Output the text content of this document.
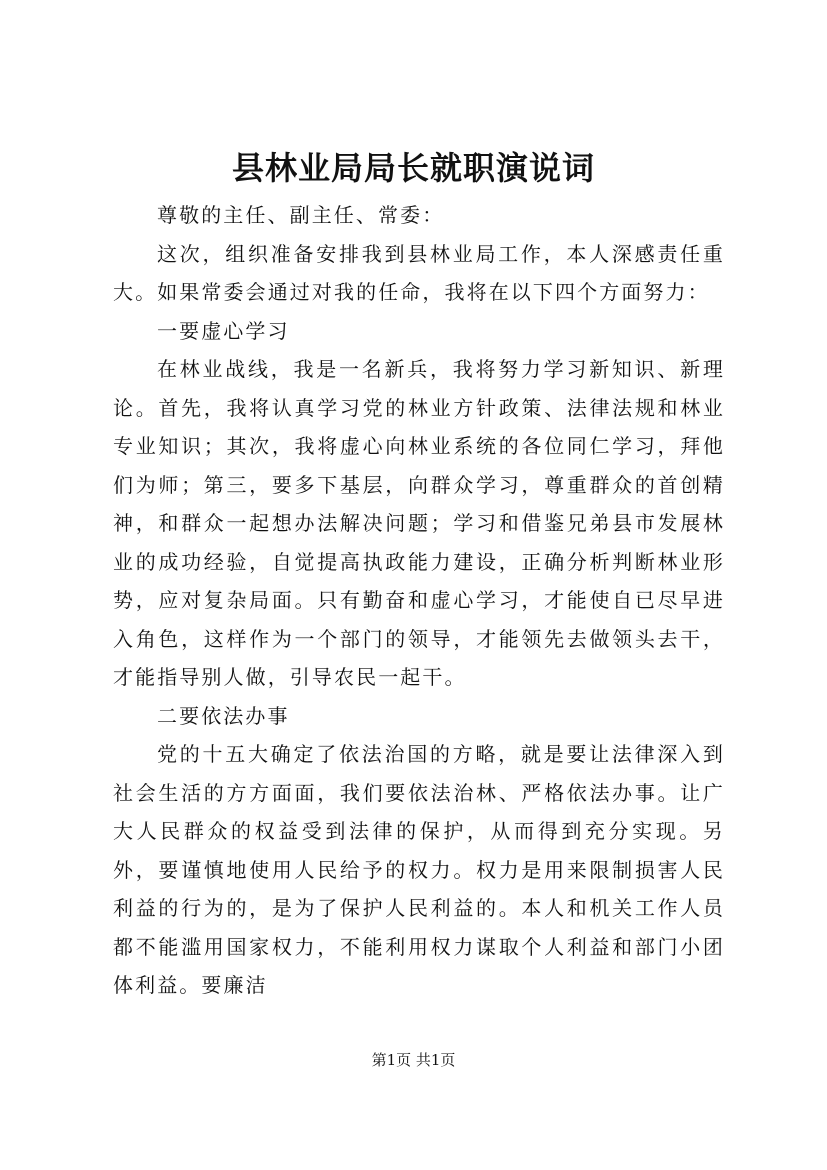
县林业局局长就职演说词

尊敬的主任、副主任、常委：

这次，组织准备安排我到县林业局工作，本人深感责任重大。如果常委会通过对我的任命，我将在以下四个方面努力：

一要虚心学习

在林业战线，我是一名新兵，我将努力学习新知识、新理论。首先，我将认真学习党的林业方针政策、法律法规和林业专业知识；其次，我将虚心向林业系统的各位同仁学习，拜他们为师；第三，要多下基层，向群众学习，尊重群众的首创精神，和群众一起想办法解决问题；学习和借鉴兄弟县市发展林业的成功经验，自觉提高执政能力建设，正确分析判断林业形势，应对复杂局面。只有勤奋和虚心学习，才能使自已尽早进入角色，这样作为一个部门的领导，才能领先去做领头去干，才能指导别人做，引导农民一起干。

二要依法办事

党的十五大确定了依法治国的方略，就是要让法律深入到社会生活的方方面面，我们要依法治林、严格依法办事。让广大人民群众的权益受到法律的保护，从而得到充分实现。另外，要谨慎地使用人民给予的权力。权力是用来限制损害人民利益的行为的，是为了保护人民利益的。本人和机关工作人员都不能滥用国家权力，不能利用权力谋取个人利益和部门小团体利益。要廉洁

第1页 共1页
